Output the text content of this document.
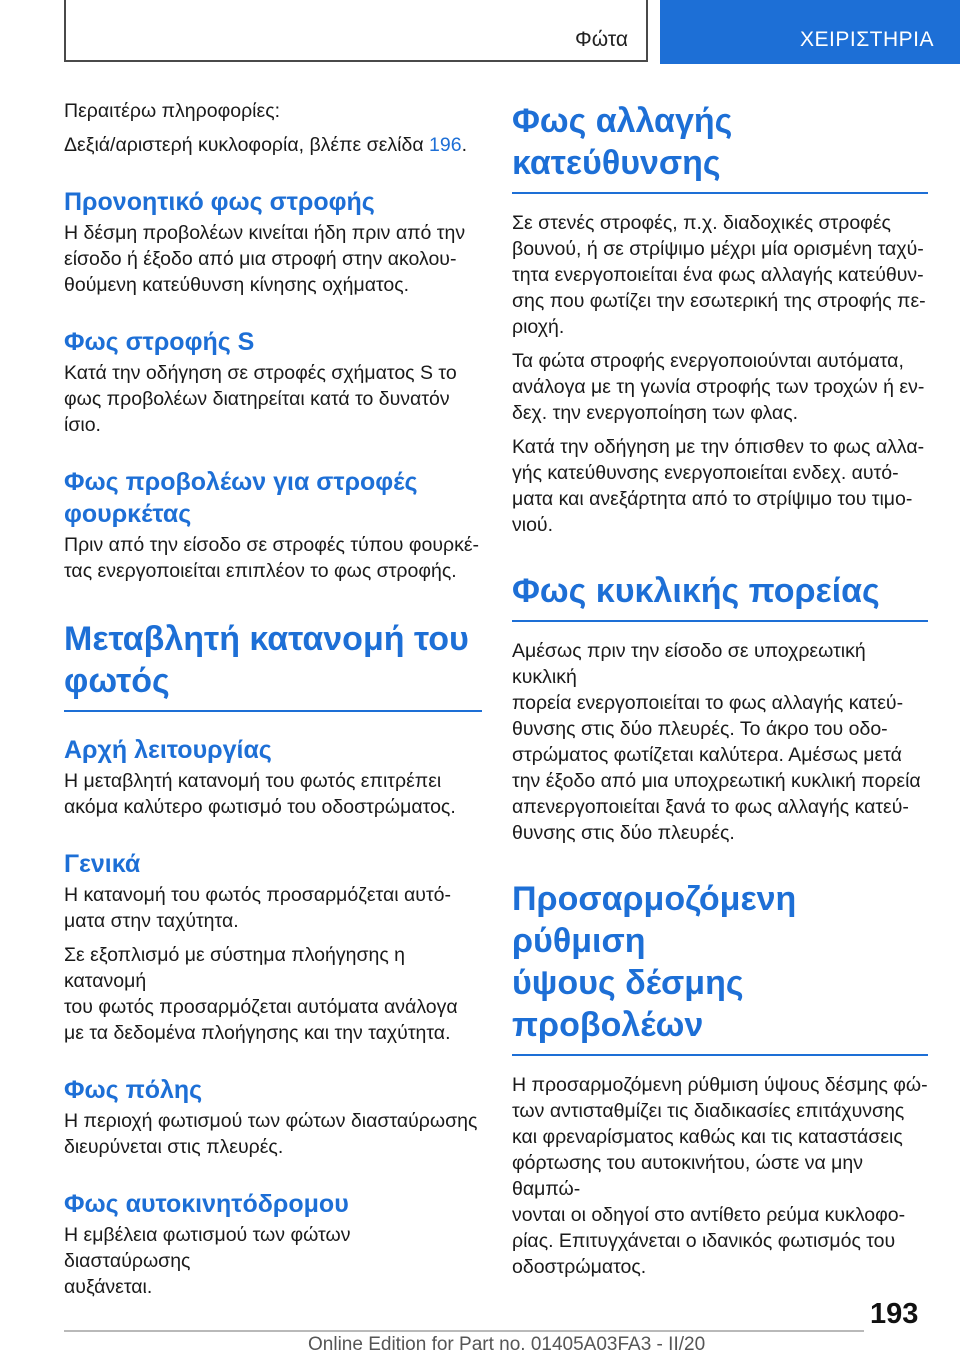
Φώτα	ΧΕΙΡΙΣΤΗΡΙΑ

Περαιτέρω πληροφορίες:

Δεξιά/αριστερή κυκλοφορία, βλέπε σελίδα 196.

Προνοητικό φως στροφής

Η δέσμη προβολέων κινείται ήδη πριν από την
είσοδο ή έξοδο από μια στροφή στην ακολου‐
θούμενη κατεύθυνση κίνησης οχήματος.

Φως στροφής S

Κατά την οδήγηση σε στροφές σχήματος S το
φως προβολέων διατηρείται κατά το δυνατόν
ίσιο.

Φως προβολέων για στροφές
φουρκέτας

Πριν από την είσοδο σε στροφές τύπου φουρκέ‐
τας ενεργοποιείται επιπλέον το φως στροφής.

Μεταβλητή κατανομή του
φωτός
Αρχή λειτουργίας

Η μεταβλητή κατανομή του φωτός επιτρέπει
ακόμα καλύτερο φωτισμό του οδοστρώματος.

Γενικά

Η κατανομή του φωτός προσαρμόζεται αυτό‐
ματα στην ταχύτητα.

Σε εξοπλισμό με σύστημα πλοήγησης η κατανομή
του φωτός προσαρμόζεται αυτόματα ανάλογα
με τα δεδομένα πλοήγησης και την ταχύτητα.

Φως πόλης

Η περιοχή φωτισμού των φώτων διασταύρωσης
διευρύνεται στις πλευρές.

Φως αυτοκινητόδρομου

Η εμβέλεια φωτισμού των φώτων διασταύρωσης
αυξάνεται.

Φως αλλαγής
κατεύθυνσης

Σε στενές στροφές, π.χ. διαδοχικές στροφές
βουνού, ή σε στρίψιμο μέχρι μία ορισμένη ταχύ‐
τητα ενεργοποιείται ένα φως αλλαγής κατεύθυν‐
σης που φωτίζει την εσωτερική της στροφής πε‐
ριοχή.

Τα φώτα στροφής ενεργοποιούνται αυτόματα,
ανάλογα με τη γωνία στροφής των τροχών ή εν‐
δεχ. την ενεργοποίηση των φλας.

Κατά την οδήγηση με την όπισθεν το φως αλλα‐
γής κατεύθυνσης ενεργοποιείται ενδεχ. αυτό‐
ματα και ανεξάρτητα από το στρίψιμο του τιμο‐
νιού.

Φως κυκλικής πορείας

Αμέσως πριν την είσοδο σε υποχρεωτική κυκλική
πορεία ενεργοποιείται το φως αλλαγής κατεύ‐
θυνσης στις δύο πλευρές. Το άκρο του οδο‐
στρώματος φωτίζεται καλύτερα. Αμέσως μετά
την έξοδο από μια υποχρεωτική κυκλική πορεία
απενεργοποιείται ξανά το φως αλλαγής κατεύ‐
θυνσης στις δύο πλευρές.

Προσαρμοζόμενη ρύθμιση
ύψους δέσμης προβολέων

Η προσαρμοζόμενη ρύθμιση ύψους δέσμης φώ‐
των αντισταθμίζει τις διαδικασίες επιτάχυνσης
και φρεναρίσματος καθώς και τις καταστάσεις
φόρτωσης του αυτοκινήτου, ώστε να μην θαμπώ‐
νονται οι οδηγοί στο αντίθετο ρεύμα κυκλοφο‐
ρίας. Επιτυγχάνεται ο ιδανικός φωτισμός του
οδοστρώματος.

193
Online Edition for Part no. 01405A03FA3 - II/20
